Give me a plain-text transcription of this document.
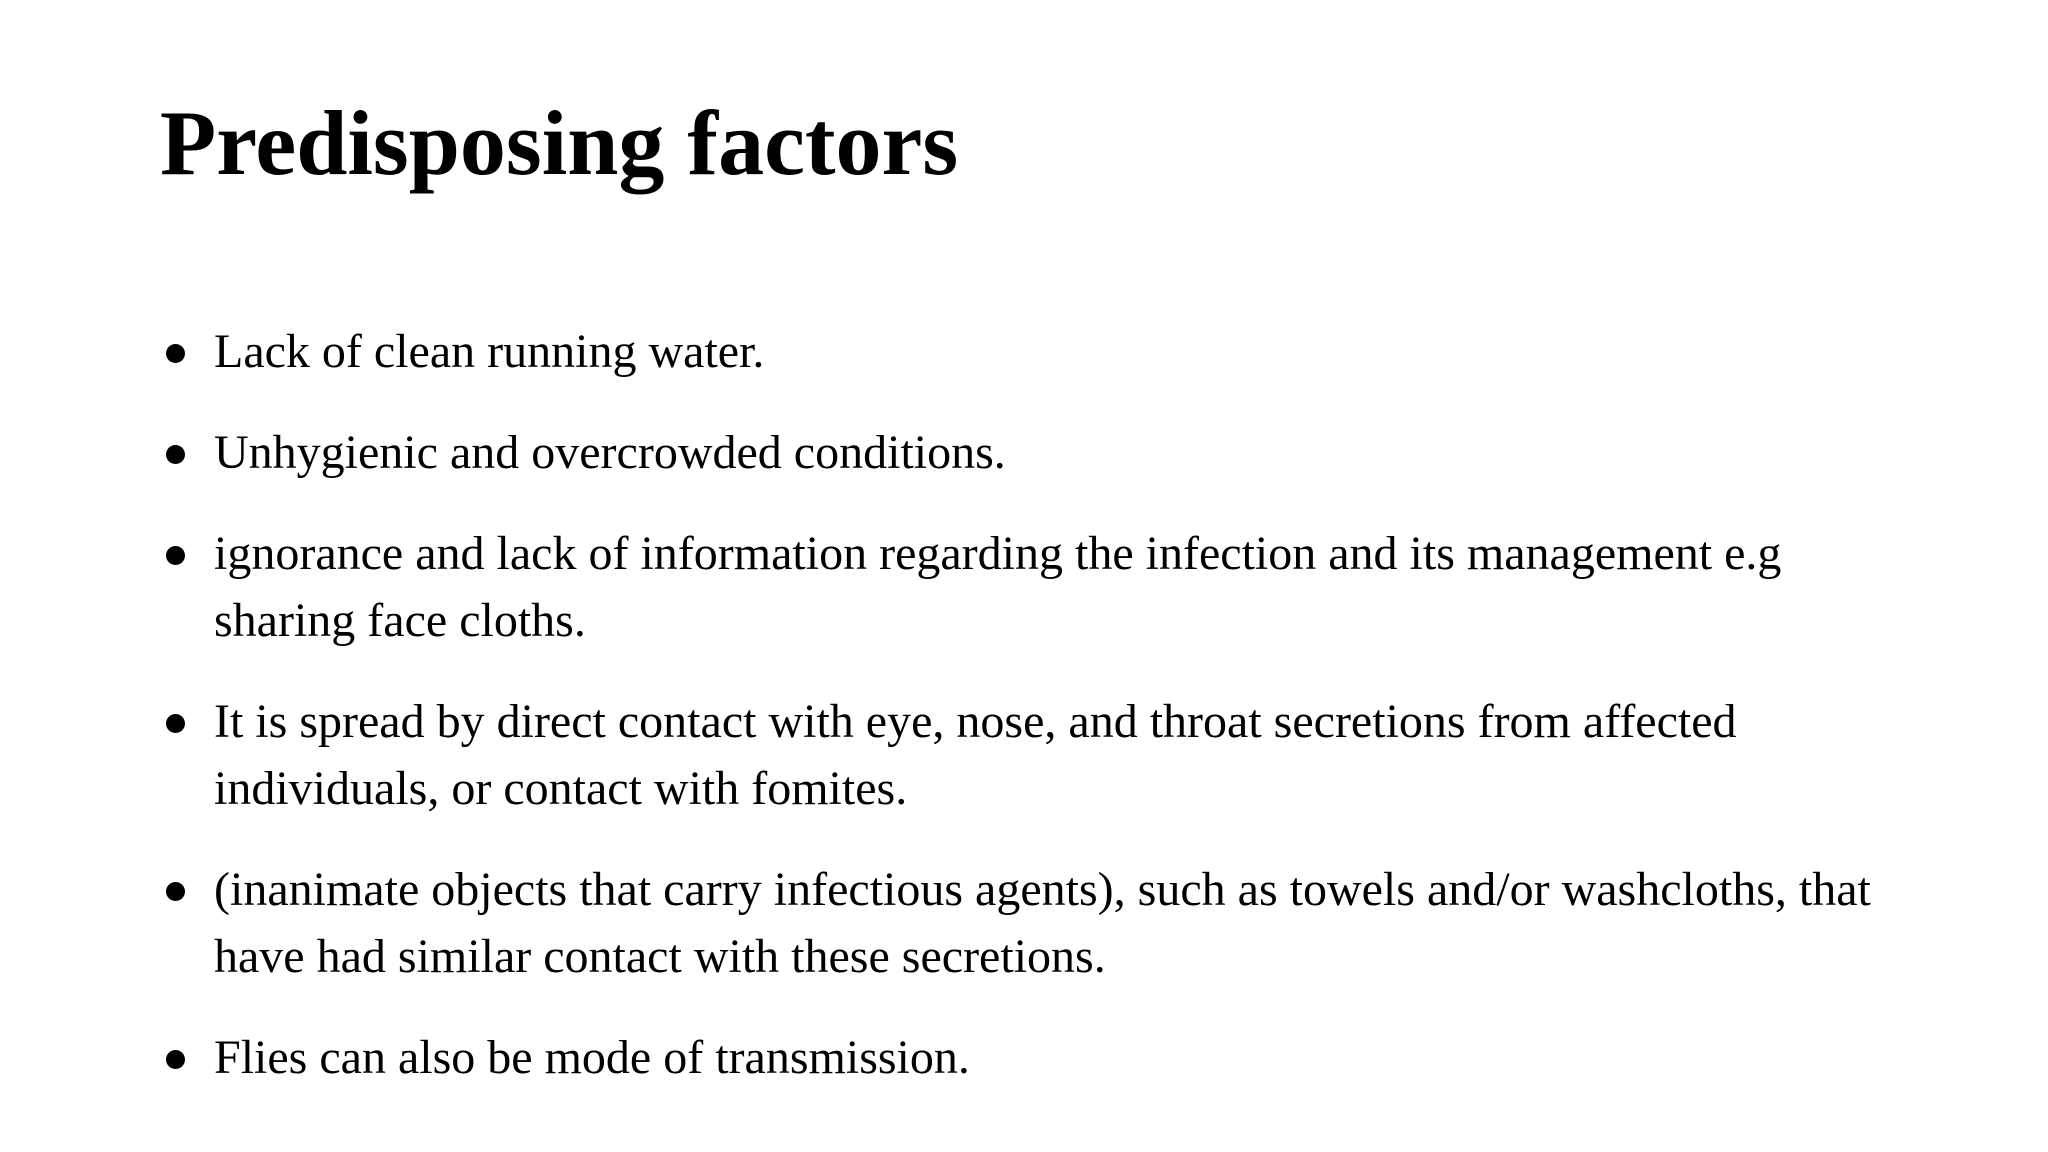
Predisposing factors
Lack of clean running water.
Unhygienic and overcrowded conditions.
ignorance and lack of information regarding the infection and its management e.g sharing face cloths.
It is spread by direct contact with eye, nose, and throat secretions from affected individuals, or contact with fomites.
(inanimate objects that carry infectious agents), such as towels and/or washcloths, that have had similar contact with these secretions.
Flies can also be mode of transmission.
